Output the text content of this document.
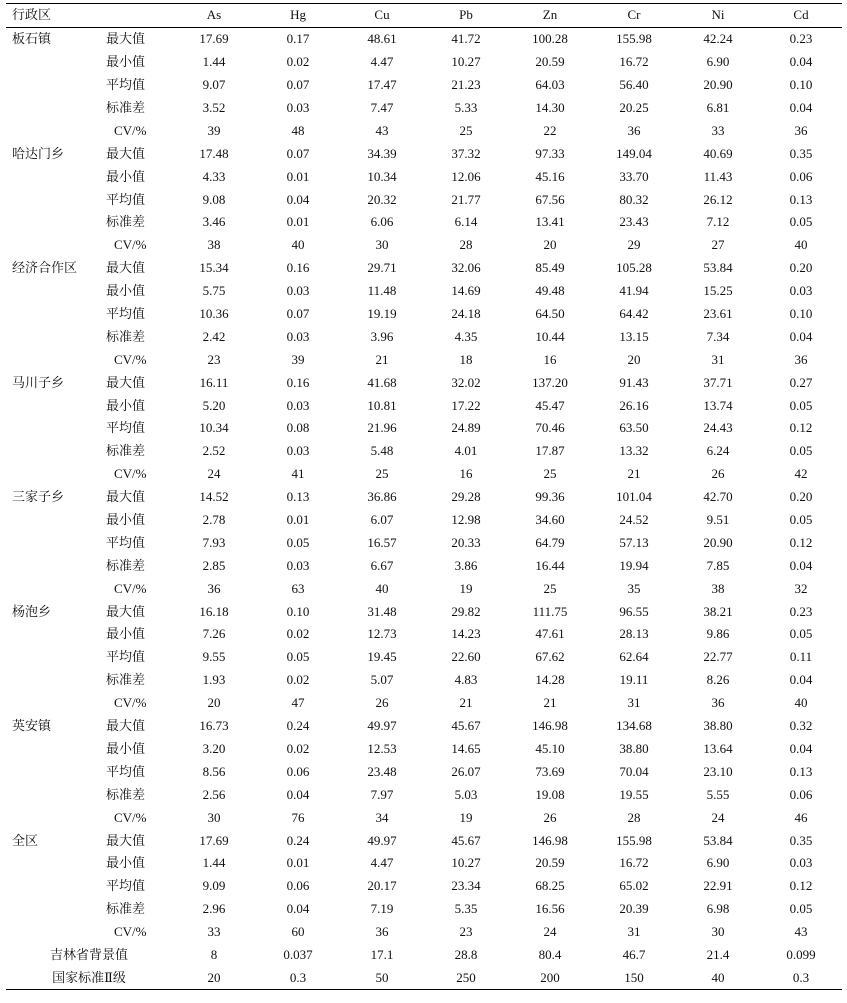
行政区		As	Hg	Cu	Pb	Zn	Cr	Ni	Cd
板石镇	最大值	17.69	0.17	48.61	41.72	100.28	155.98	42.24	0.23
	最小值	1.44	0.02	4.47	10.27	20.59	16.72	6.90	0.04
	平均值	9.07	0.07	17.47	21.23	64.03	56.40	20.90	0.10
	标准差	3.52	0.03	7.47	5.33	14.30	20.25	6.81	0.04
	CV/%	39	48	43	25	22	36	33	36
哈达门乡	最大值	17.48	0.07	34.39	37.32	97.33	149.04	40.69	0.35
	最小值	4.33	0.01	10.34	12.06	45.16	33.70	11.43	0.06
	平均值	9.08	0.04	20.32	21.77	67.56	80.32	26.12	0.13
	标准差	3.46	0.01	6.06	6.14	13.41	23.43	7.12	0.05
	CV/%	38	40	30	28	20	29	27	40
经济合作区	最大值	15.34	0.16	29.71	32.06	85.49	105.28	53.84	0.20
	最小值	5.75	0.03	11.48	14.69	49.48	41.94	15.25	0.03
	平均值	10.36	0.07	19.19	24.18	64.50	64.42	23.61	0.10
	标准差	2.42	0.03	3.96	4.35	10.44	13.15	7.34	0.04
	CV/%	23	39	21	18	16	20	31	36
马川子乡	最大值	16.11	0.16	41.68	32.02	137.20	91.43	37.71	0.27
	最小值	5.20	0.03	10.81	17.22	45.47	26.16	13.74	0.05
	平均值	10.34	0.08	21.96	24.89	70.46	63.50	24.43	0.12
	标准差	2.52	0.03	5.48	4.01	17.87	13.32	6.24	0.05
	CV/%	24	41	25	16	25	21	26	42
三家子乡	最大值	14.52	0.13	36.86	29.28	99.36	101.04	42.70	0.20
	最小值	2.78	0.01	6.07	12.98	34.60	24.52	9.51	0.05
	平均值	7.93	0.05	16.57	20.33	64.79	57.13	20.90	0.12
	标准差	2.85	0.03	6.67	3.86	16.44	19.94	7.85	0.04
	CV/%	36	63	40	19	25	35	38	32
杨泡乡	最大值	16.18	0.10	31.48	29.82	111.75	96.55	38.21	0.23
	最小值	7.26	0.02	12.73	14.23	47.61	28.13	9.86	0.05
	平均值	9.55	0.05	19.45	22.60	67.62	62.64	22.77	0.11
	标准差	1.93	0.02	5.07	4.83	14.28	19.11	8.26	0.04
	CV/%	20	47	26	21	21	31	36	40
英安镇	最大值	16.73	0.24	49.97	45.67	146.98	134.68	38.80	0.32
	最小值	3.20	0.02	12.53	14.65	45.10	38.80	13.64	0.04
	平均值	8.56	0.06	23.48	26.07	73.69	70.04	23.10	0.13
	标准差	2.56	0.04	7.97	5.03	19.08	19.55	5.55	0.06
	CV/%	30	76	34	19	26	28	24	46
全区	最大值	17.69	0.24	49.97	45.67	146.98	155.98	53.84	0.35
	最小值	1.44	0.01	4.47	10.27	20.59	16.72	6.90	0.03
	平均值	9.09	0.06	20.17	23.34	68.25	65.02	22.91	0.12
	标准差	2.96	0.04	7.19	5.35	16.56	20.39	6.98	0.05
	CV/%	33	60	36	23	24	31	30	43
吉林省背景值		8	0.037	17.1	28.8	80.4	46.7	21.4	0.099
国家标准Ⅱ级		20	0.3	50	250	200	150	40	0.3
